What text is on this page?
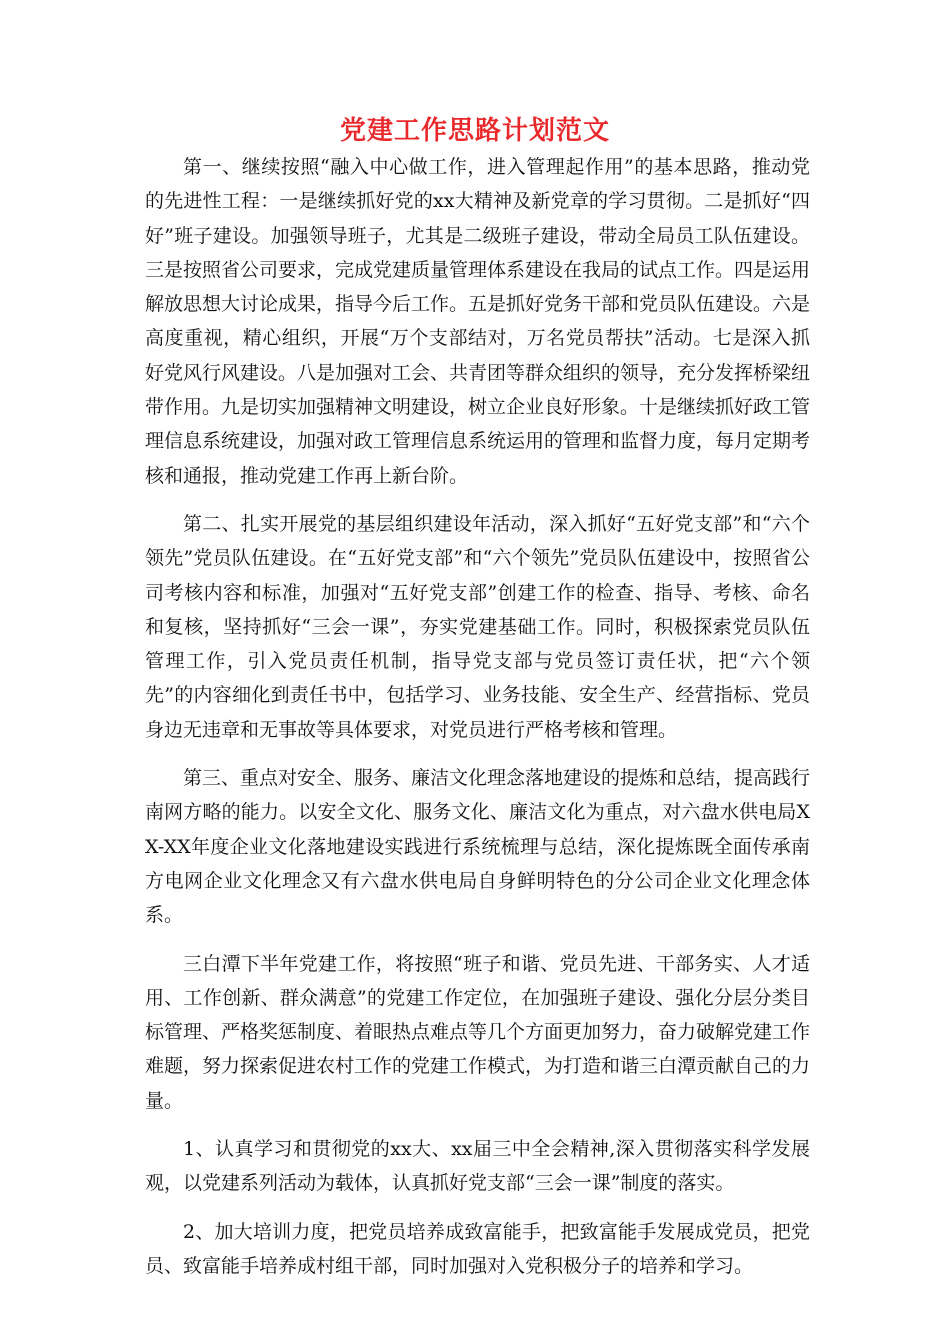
党建工作思路计划范文

第一、继续按照“融入中心做工作，进入管理起作用”的基本思路，推动党的先进性工程：一是继续抓好党的xx大精神及新党章的学习贯彻。二是抓好“四好”班子建设。加强领导班子，尤其是二级班子建设，带动全局员工队伍建设。三是按照省公司要求，完成党建质量管理体系建设在我局的试点工作。四是运用解放思想大讨论成果，指导今后工作。五是抓好党务干部和党员队伍建设。六是高度重视，精心组织，开展“万个支部结对，万名党员帮扶”活动。七是深入抓好党风行风建设。八是加强对工会、共青团等群众组织的领导，充分发挥桥梁纽带作用。九是切实加强精神文明建设，树立企业良好形象。十是继续抓好政工管理信息系统建设，加强对政工管理信息系统运用的管理和监督力度，每月定期考核和通报，推动党建工作再上新台阶。

第二、扎实开展党的基层组织建设年活动，深入抓好“五好党支部”和“六个领先”党员队伍建设。在“五好党支部”和“六个领先”党员队伍建设中，按照省公司考核内容和标准，加强对“五好党支部”创建工作的检查、指导、考核、命名和复核，坚持抓好“三会一课”，夯实党建基础工作。同时，积极探索党员队伍管理工作，引入党员责任机制，指导党支部与党员签订责任状，把“六个领先”的内容细化到责任书中，包括学习、业务技能、安全生产、经营指标、党员身边无违章和无事故等具体要求，对党员进行严格考核和管理。

第三、重点对安全、服务、廉洁文化理念落地建设的提炼和总结，提高践行南网方略的能力。以安全文化、服务文化、廉洁文化为重点，对六盘水供电局XX-XX年度企业文化落地建设实践进行系统梳理与总结，深化提炼既全面传承南方电网企业文化理念又有六盘水供电局自身鲜明特色的分公司企业文化理念体系。

三白潭下半年党建工作，将按照“班子和谐、党员先进、干部务实、人才适用、工作创新、群众满意”的党建工作定位，在加强班子建设、强化分层分类目标管理、严格奖惩制度、着眼热点难点等几个方面更加努力，奋力破解党建工作难题，努力探索促进农村工作的党建工作模式，为打造和谐三白潭贡献自己的力量。

1、认真学习和贯彻党的xx大、xx届三中全会精神,深入贯彻落实科学发展观，以党建系列活动为载体，认真抓好党支部“三会一课”制度的落实。

2、加大培训力度，把党员培养成致富能手，把致富能手发展成党员，把党员、致富能手培养成村组干部，同时加强对入党积极分子的培养和学习。
